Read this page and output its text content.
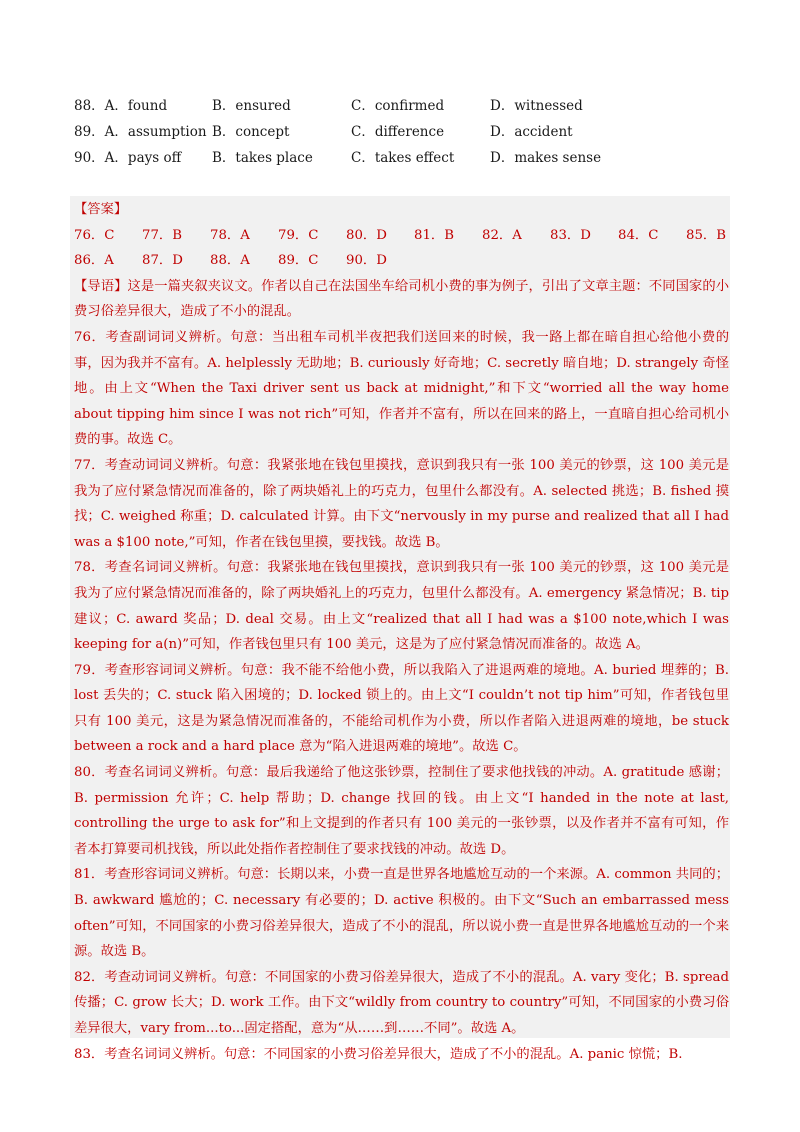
88．A．found	B．ensured	C．confirmed	D．witnessed
89．A．assumption B．concept	C．difference	D．accident
90．A．pays off B．takes place	C．takes effect	D．makes sense
【答案】
76．C 77．B 78．A 79．C 80．D 81．B 82．A 83．D 84．C 85．B
86．A 87．D 88．A 89．C 90．D

【导语】这是一篇夹叙夹议文。作者以自己在法国坐车给司机小费的事为例子，引出了文章主题：不同国家的小费习俗差异很大，造成了不小的混乱。

76．考查副词词义辨析。句意：当出租车司机半夜把我们送回来的时候，我一路上都在暗自担心给他小费的事，因为我并不富有。A. helplessly 无助地；B. curiously 好奇地；C. secretly 暗自地；D. strangely 奇怪地。由上文“When the Taxi driver sent us back at midnight,”和下文“worried all the way home about tipping him since I was not rich”可知，作者并不富有，所以在回来的路上，一直暗自担心给司机小费的事。故选 C。

77．考查动词词义辨析。句意：我紧张地在钱包里摸找，意识到我只有一张 100 美元的钞票，这 100 美元是我为了应付紧急情况而准备的，除了两块婚礼上的巧克力，包里什么都没有。A. selected 挑选；B. fished 摸找；C. weighed 称重；D. calculated 计算。由下文“nervously in my purse and realized that all I had was a $100 note,”可知，作者在钱包里摸，要找钱。故选 B。

78．考查名词词义辨析。句意：我紧张地在钱包里摸找，意识到我只有一张 100 美元的钞票，这 100 美元是我为了应付紧急情况而准备的，除了两块婚礼上的巧克力，包里什么都没有。A. emergency 紧急情况；B. tip 建议；C. award 奖品；D. deal 交易。由上文“realized that all I had was a $100 note,which I was keeping for a(n)”可知，作者钱包里只有 100 美元，这是为了应付紧急情况而准备的。故选 A。

79．考查形容词词义辨析。句意：我不能不给他小费，所以我陷入了进退两难的境地。A. buried 埋葬的；B. lost 丢失的；C. stuck 陷入困境的；D. locked 锁上的。由上文“I couldn’t not tip him”可知，作者钱包里只有 100 美元，这是为紧急情况而准备的，不能给司机作为小费，所以作者陷入进退两难的境地，be stuck between a rock and a hard place 意为“陷入进退两难的境地”。故选 C。

80．考查名词词义辨析。句意：最后我递给了他这张钞票，控制住了要求他找钱的冲动。A. gratitude 感谢；B. permission 允许；C. help 帮助；D. change 找回的钱。由上文“I handed in the note at last, controlling the urge to ask for”和上文提到的作者只有 100 美元的一张钞票，以及作者并不富有可知，作者本打算要司机找钱，所以此处指作者控制住了要求找钱的冲动。故选 D。

81．考查形容词词义辨析。句意：长期以来，小费一直是世界各地尴尬互动的一个来源。A. common 共同的；B. awkward 尴尬的；C. necessary 有必要的；D. active 积极的。由下文“Such an embarrassed mess often”可知，不同国家的小费习俗差异很大，造成了不小的混乱，所以说小费一直是世界各地尴尬互动的一个来源。故选 B。

82．考查动词词义辨析。句意：不同国家的小费习俗差异很大，造成了不小的混乱。A. vary 变化；B. spread 传播；C. grow 长大；D. work 工作。由下文“wildly from country to country”可知，不同国家的小费习俗差异很大，vary from...to...固定搭配，意为“从……到……不同”。故选 A。

83．考查名词词义辨析。句意：不同国家的小费习俗差异很大，造成了不小的混乱。A. panic 惊慌；B.
